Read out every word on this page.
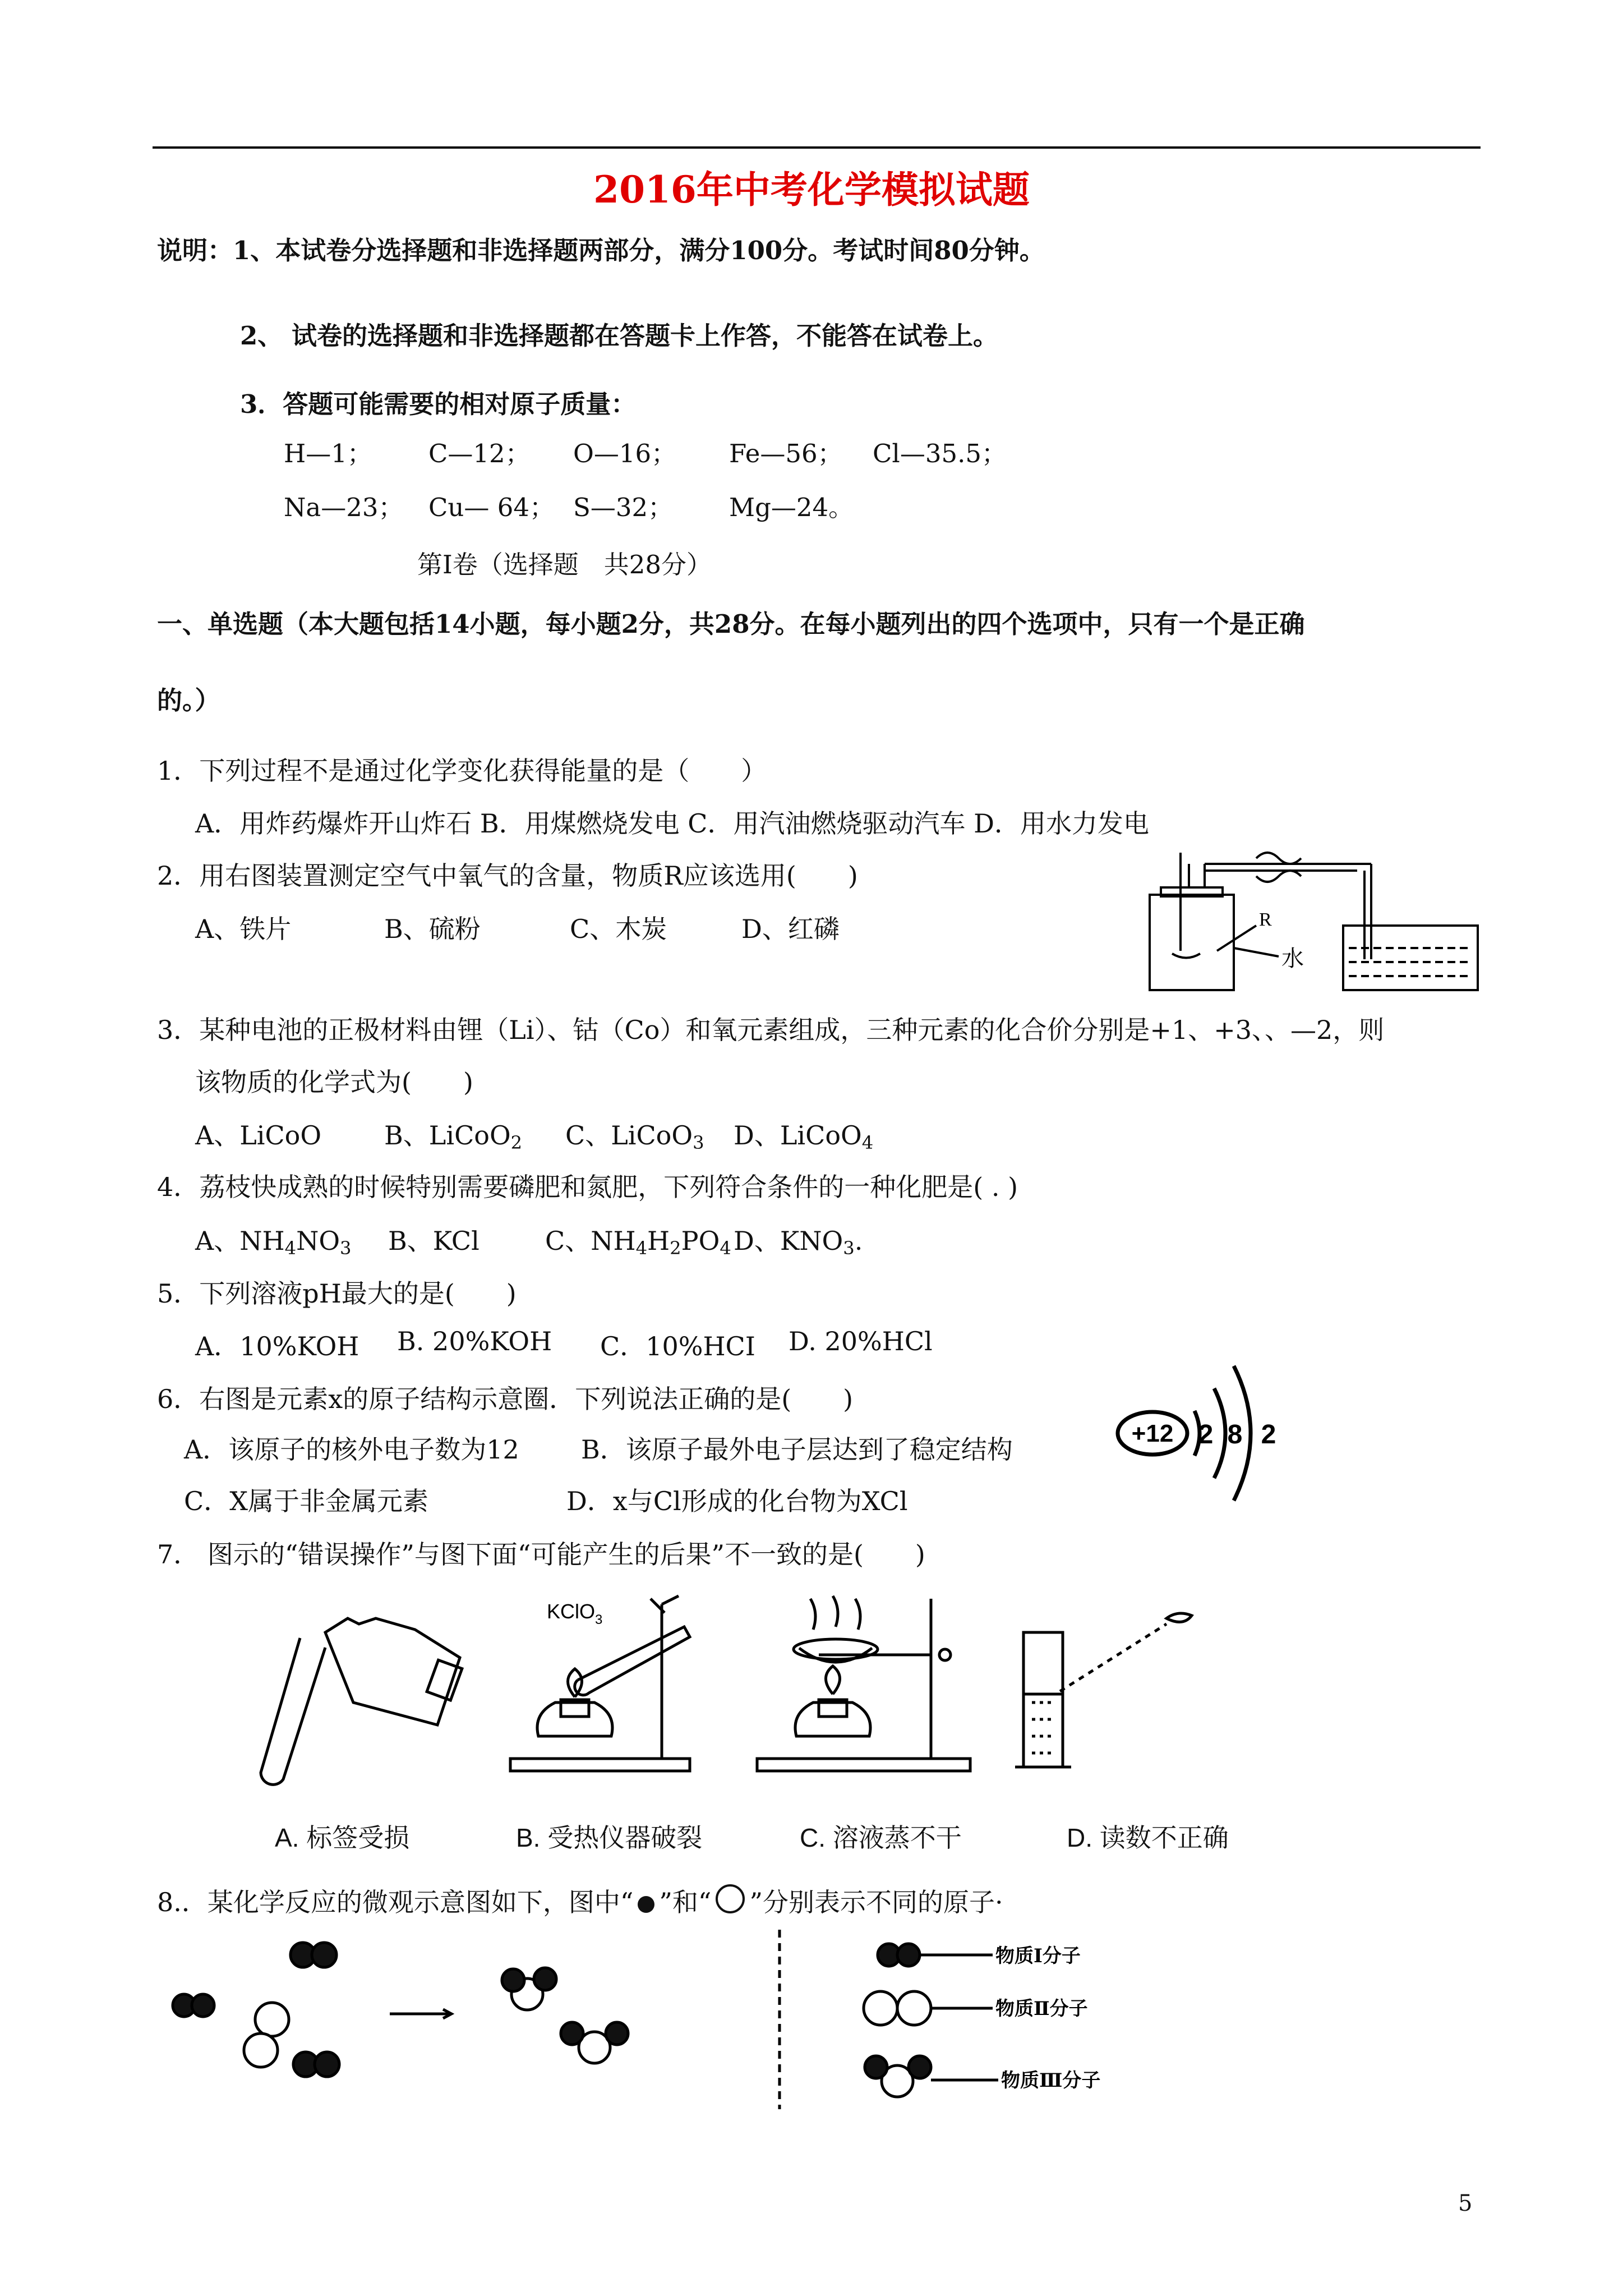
2016年中考化学模拟试题
说明：1、本试卷分选择题和非选择题两部分，满分100分。考试时间80分钟。
2、 试卷的选择题和非选择题都在答题卡上作答，不能答在试卷上。
3．答题可能需要的相对原子质量：
H—1； C—12； O—16； Fe—56； Cl—35.5；
Na—23； Cu— 64； S—32； Mg—24。
第Ⅰ卷（选择题　共28分）
一、单选题（本大题包括14小题，每小题2分，共28分。在每小题列出的四个选项中，只有一个是正确
的。）
1．下列过程不是通过化学变化获得能量的是（　　）
A．用炸药爆炸开山炸石 B．用煤燃烧发电 C．用汽油燃烧驱动汽车 D．用水力发电
2．用右图装置测定空气中氧气的含量，物质R应该选用(　　)
A、铁片	B、硫粉	C、木炭	D、红磷	R
水
3．某种电池的正极材料由锂（Li）、钴（Co）和氧元素组成，三种元素的化合价分别是+1、+3、、—2，则
该物质的化学式为(　　)
A、LiCoO B、LiCoO$_2$ C、LiCoO$_3$ D、LiCoO$_4$
4．荔枝快成熟的时候特别需要磷肥和氮肥，下列符合条件的一种化肥是( . )
A、$NH_4NO_3$ B、KCl	C、$NH_4H_2PO_4$ D、$KNO_3$.
5．下列溶液pH最大的是(　　)
A．10%KOH B. 20%KOH C．10%HCI D. 20%HCl
6．右图是元素x的原子结构示意圈．下列说法正确的是(　　)
A．该原子的核外电子数为12 B．该原子最外电子层达到了稳定结构
C．X属于非金属元素	D．x与Cl形成的化台物为XCl
+12 2 8 2
7． 图示的“错误操作”与图下面“可能产生的后果”不一致的是(　　)
KClO$_3$
A. 标签受损	B. 受热仪器破裂	C. 溶液蒸不干	D. 读数不正确
8.．某化学反应的微观示意图如下，图中“ ”和“ ”分别表示不同的原子·
物质Ⅰ分子
物质Ⅱ分子
物质Ⅲ分子
5
